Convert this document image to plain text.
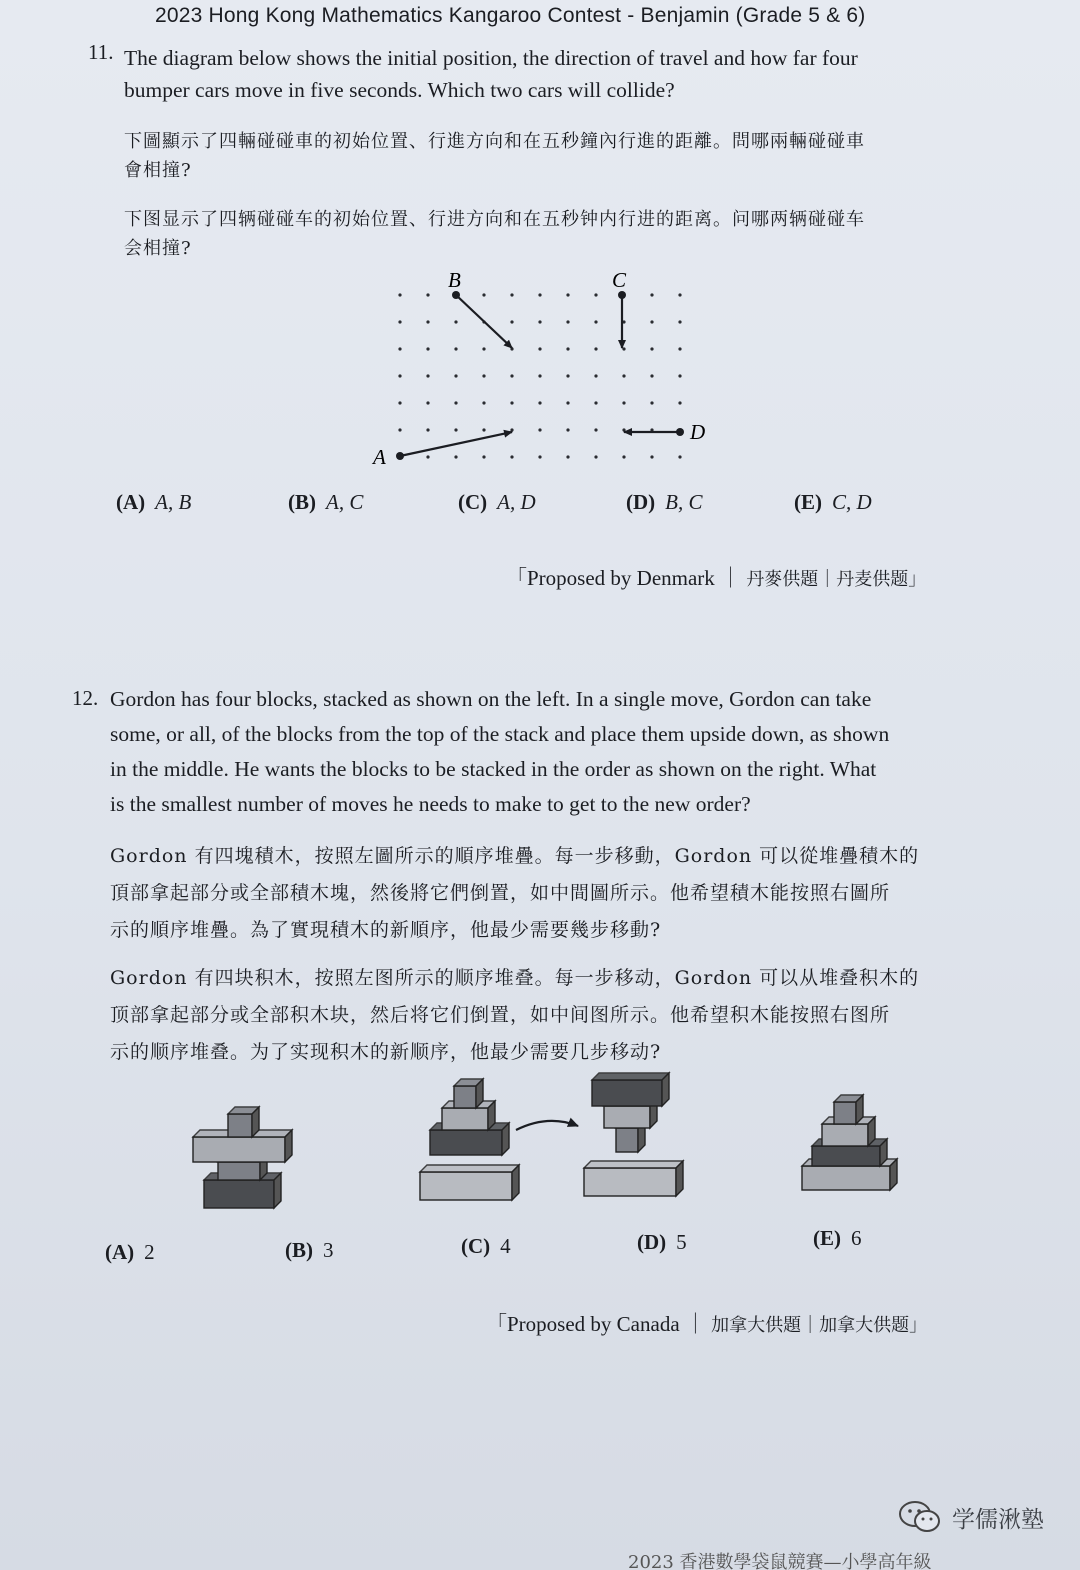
2023 Hong Kong Mathematics Kangaroo Contest - Benjamin (Grade 5 & 6)
11. The diagram below shows the initial position, the direction of travel and how far four
bumper cars move in five seconds. Which two cars will collide?
下圖顯示了四輛碰碰車的初始位置、行進方向和在五秒鐘內行進的距離。問哪兩輛碰碰車
會相撞?
下图显示了四辆碰碰车的初始位置、行进方向和在五秒钟内行进的距离。问哪两辆碰碰车
会相撞?
B	C
A
D
(A) A, B	(B) A, C	(C) A, D	(D) B, C	(E) C, D
「Proposed by Denmark ｜ 丹麥供題｜丹麦供题」
12. Gordon has four blocks, stacked as shown on the left. In a single move, Gordon can take
some, or all, of the blocks from the top of the stack and place them upside down, as shown
in the middle. He wants the blocks to be stacked in the order as shown on the right. What
is the smallest number of moves he needs to make to get to the new order?
Gordon 有四塊積木，按照左圖所示的順序堆疊。每一步移動，Gordon 可以從堆疊積木的
頂部拿起部分或全部積木塊，然後將它們倒置，如中間圖所示。他希望積木能按照右圖所
示的順序堆疊。為了實現積木的新順序，他最少需要幾步移動?
Gordon 有四块积木，按照左图所示的顺序堆叠。每一步移动，Gordon 可以从堆叠积木的
顶部拿起部分或全部积木块，然后将它们倒置，如中间图所示。他希望积木能按照右图所
示的顺序堆叠。为了实现积木的新顺序，他最少需要几步移动?
(A) 2	(B) 3	(C) 4	(D) 5	(E) 6
「Proposed by Canada ｜ 加拿大供題｜加拿大供题」
学儒湫塾
2023 香港數學袋鼠競賽—小學高年級
